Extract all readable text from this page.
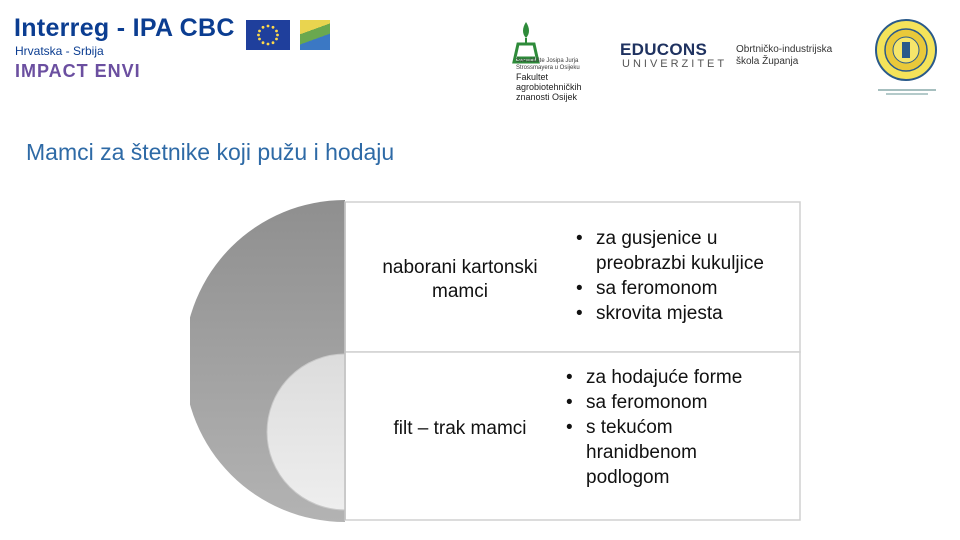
Interreg - IPA CBC
Hrvatska - Srbija
IMPACT ENVI	Sveučilište Josipa Jurja
Strossmayera u Osijeku
Fakultet
agrobiotehničkih
znanosti Osijek
EDUCONS
UNIVERZITET
Obrtničko-industrijska
škola Županja
Mamci za štetnike koji pužu i hodaju
naborani kartonski mamci
filt – trak mamci
• za gusjenice u preobrazbi kukuljice
• sa feromonom
• skrovita mjesta
• za hodajuće forme
• sa feromonom
• s tekućom hranidbenom podlogom
